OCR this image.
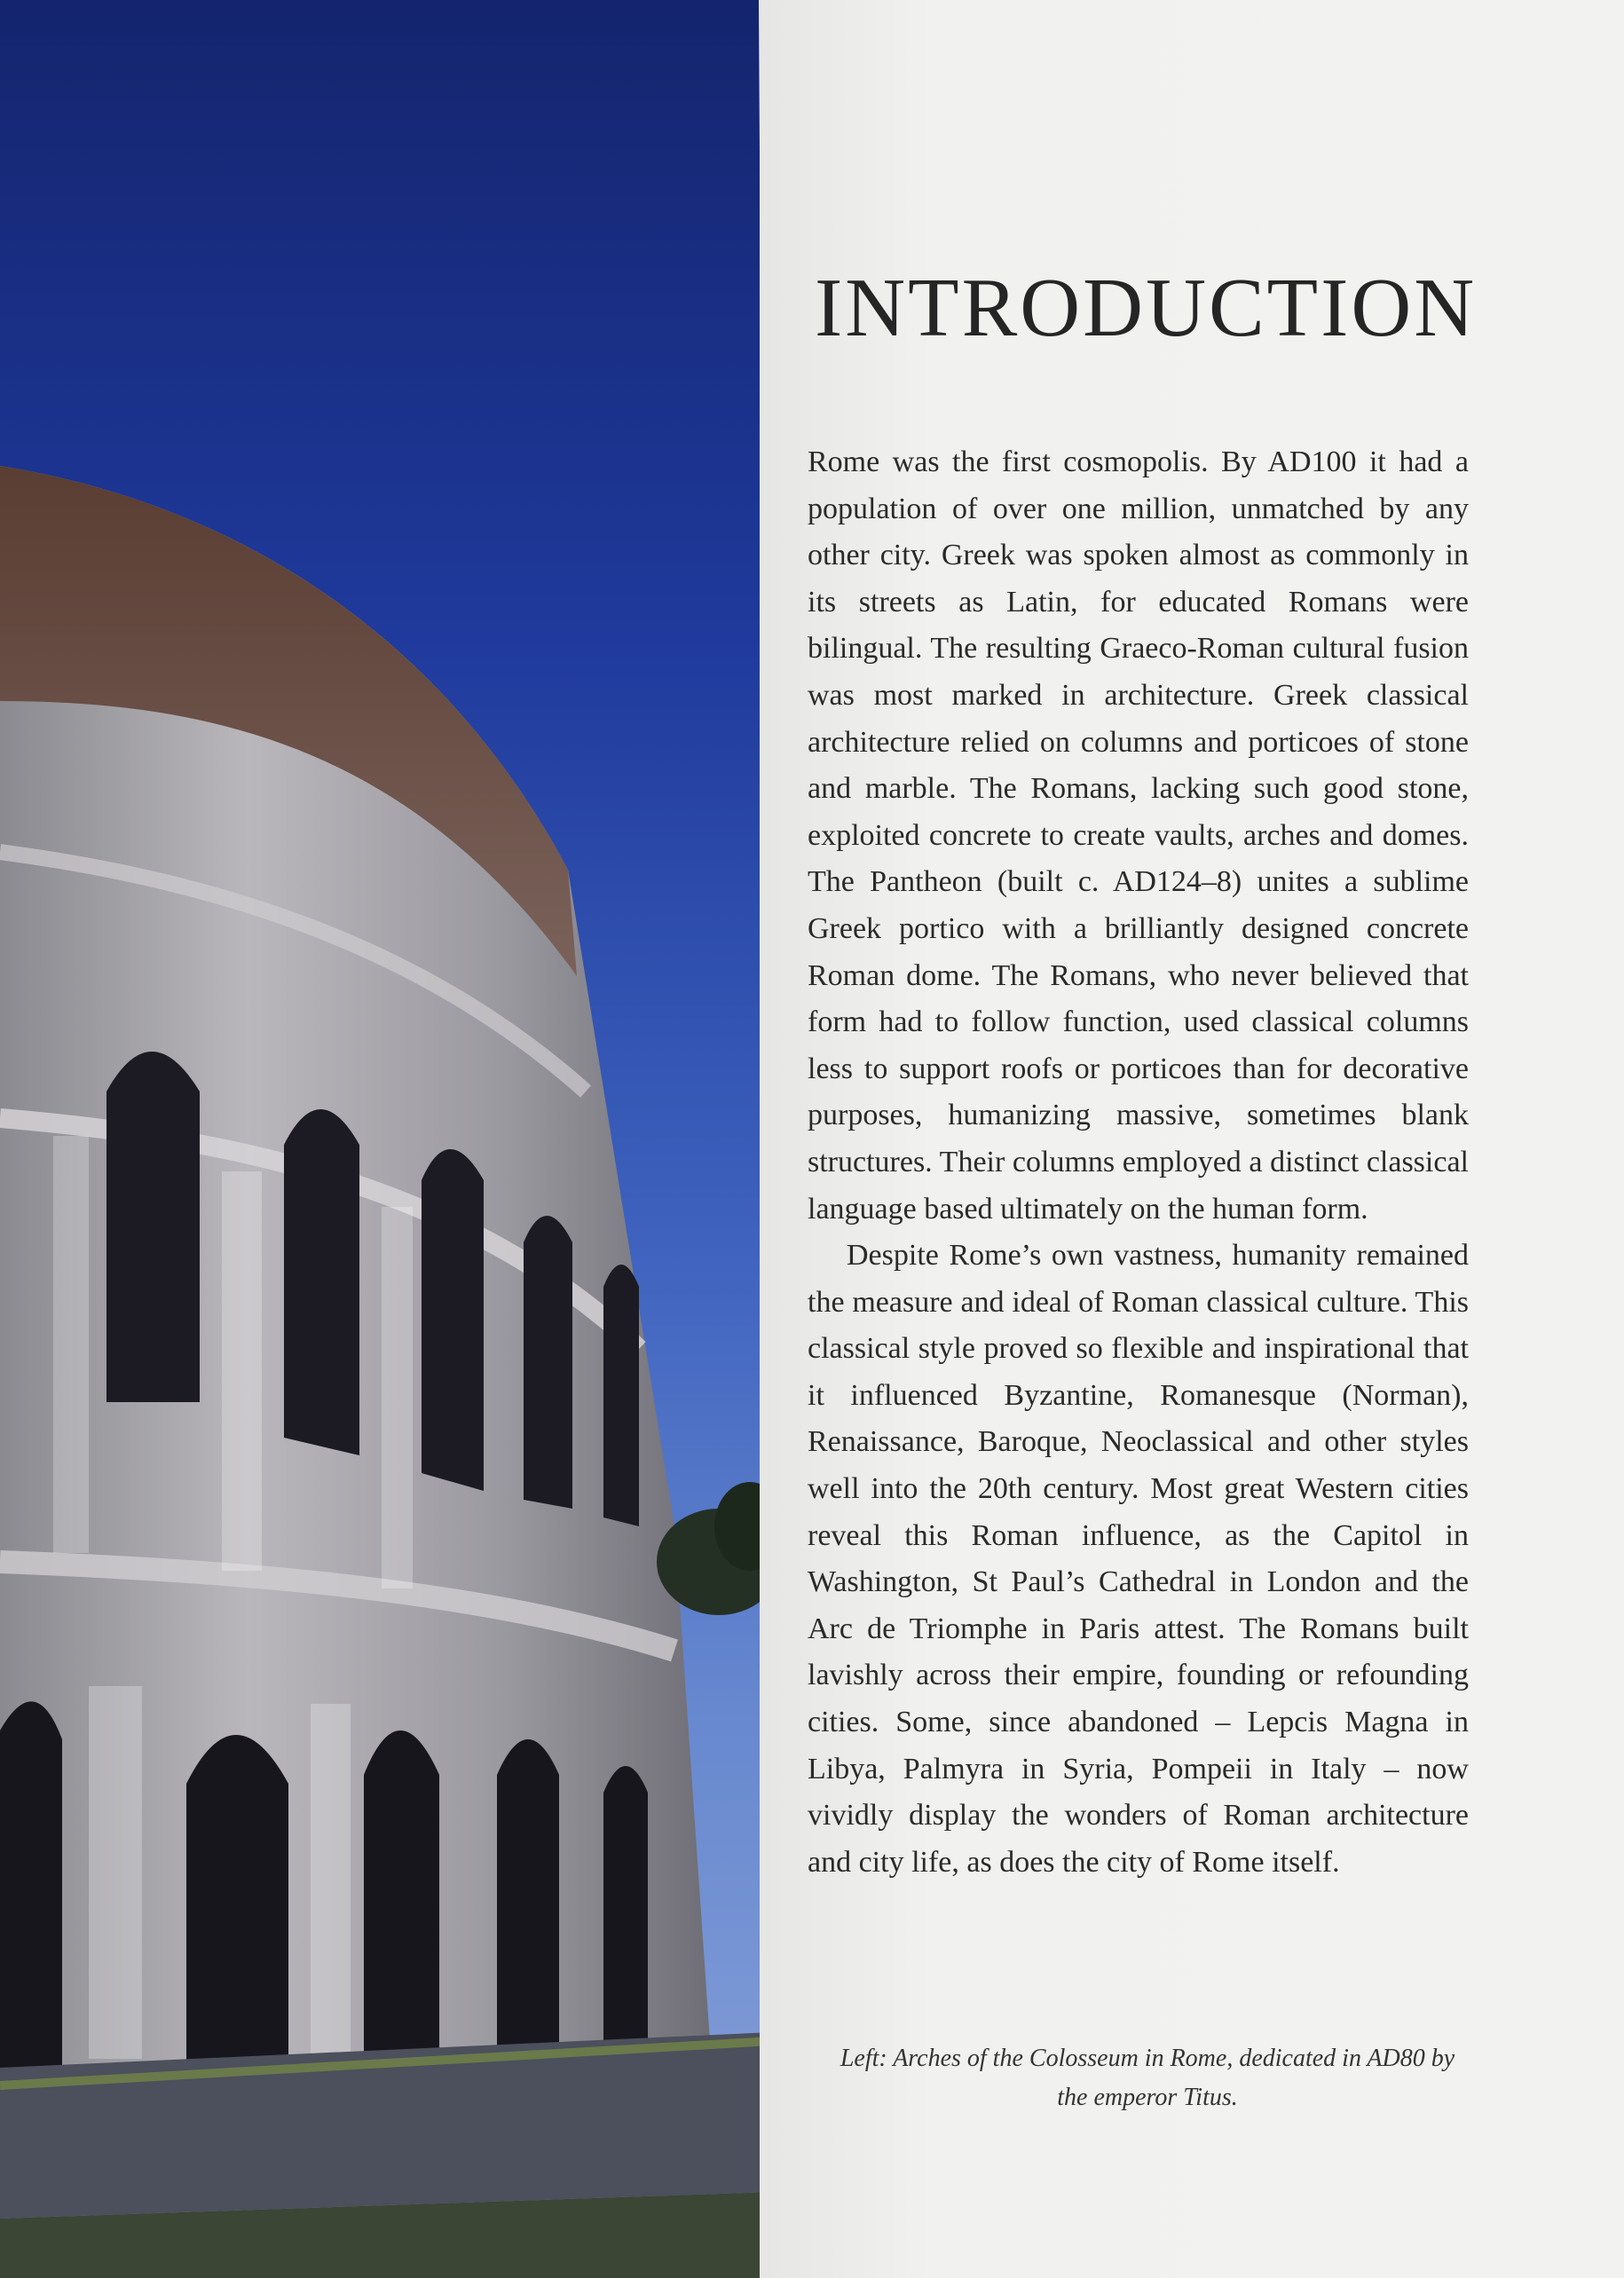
INTRODUCTION

Rome was the first cosmopolis. By AD100 it had a population of over one million, unmatched by any other city. Greek was spoken almost as commonly in its streets as Latin, for educated Romans were bilingual. The resulting Graeco-Roman cultural fusion was most marked in architecture. Greek classical architecture relied on columns and porticoes of stone and marble. The Romans, lacking such good stone, exploited concrete to create vaults, arches and domes. The Pantheon (built c. AD124–8) unites a sublime Greek portico with a brilliantly designed concrete Roman dome. The Romans, who never believed that form had to follow function, used classical columns less to support roofs or porticoes than for decorative purposes, humanizing massive, sometimes blank structures. Their columns employed a distinct classical language based ultimately on the human form.

Despite Rome’s own vastness, humanity remained the measure and ideal of Roman classical culture. This classical style proved so flexible and inspirational that it influenced Byzantine, Romanesque (Norman), Renaissance, Baroque, Neoclassical and other styles well into the 20th century. Most great Western cities reveal this Roman influence, as the Capitol in Washington, St Paul’s Cathedral in London and the Arc de Triomphe in Paris attest. The Romans built lavishly across their empire, founding or refounding cities. Some, since abandoned – Lepcis Magna in Libya, Palmyra in Syria, Pompeii in Italy – now vividly display the wonders of Roman architecture and city life, as does the city of Rome itself.

Left: Arches of the Colosseum in Rome, dedicated in AD80 by the emperor Titus.
